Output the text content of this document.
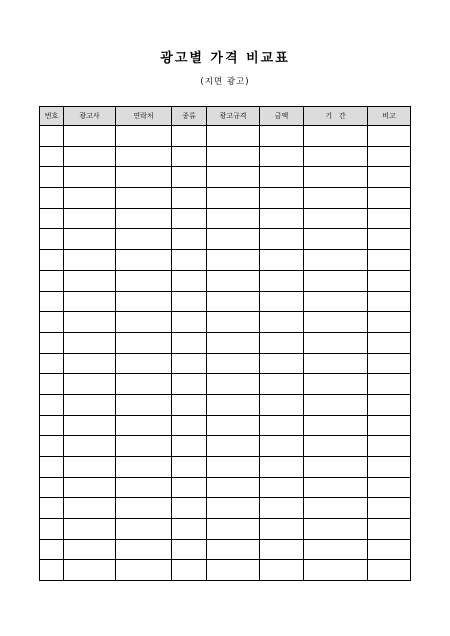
광고별 가격 비교표
(지면 광고)
번호	광고사	연락처	종류	광고규격	금액	기   간	비고
